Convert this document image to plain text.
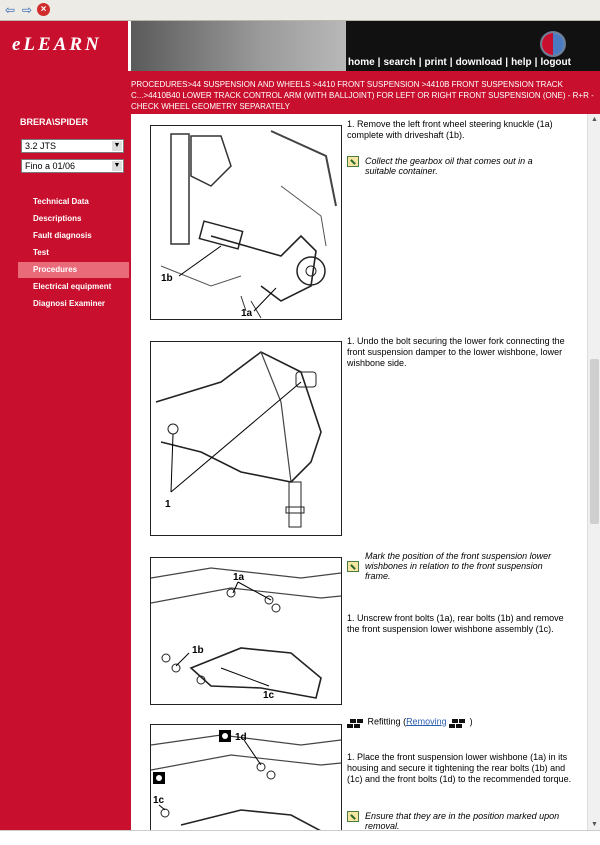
⇦ ⇨ ×
eLEARN
home | search | print | download | help | logout
PROCEDURES>44 SUSPENSION AND WHEELS >4410 FRONT SUSPENSION >4410B FRONT SUSPENSION TRACK C...>4410B40 LOWER TRACK CONTROL ARM (WITH BALLJOINT) FOR LEFT OR RIGHT FRONT SUSPENSION (ONE) - R+R - CHECK WHEEL GEOMETRY SEPARATELY
BRERA\SPIDER
3.2 JTS	▼
Fino a 01/06	▼
Technical Data
Descriptions
Fault diagnosis
Test
Procedures
Electrical equipment
Diagnosi Examiner
1b
1a
1. Remove the left front wheel steering knuckle (1a) complete with driveshaft (1b).
Collect the gearbox oil that comes out in a suitable container.
1
1. Undo the bolt securing the lower fork connecting the front suspension damper to the lower wishbone, lower wishbone side.
1a
1b
1c
Mark the position of the front suspension lower wishbones in relation to the front suspension frame.
1. Unscrew front bolts (1a), rear bolts (1b) and remove the front suspension lower wishbone assembly (1c).
1d
1c
Refitting (Removing	)
1. Place the front suspension lower wishbone (1a) in its housing and secure it tightening the rear bolts (1b) and (1c) and the front bolts (1d) to the recommended torque.
Ensure that they are in the position marked upon removal.
▲
▼
